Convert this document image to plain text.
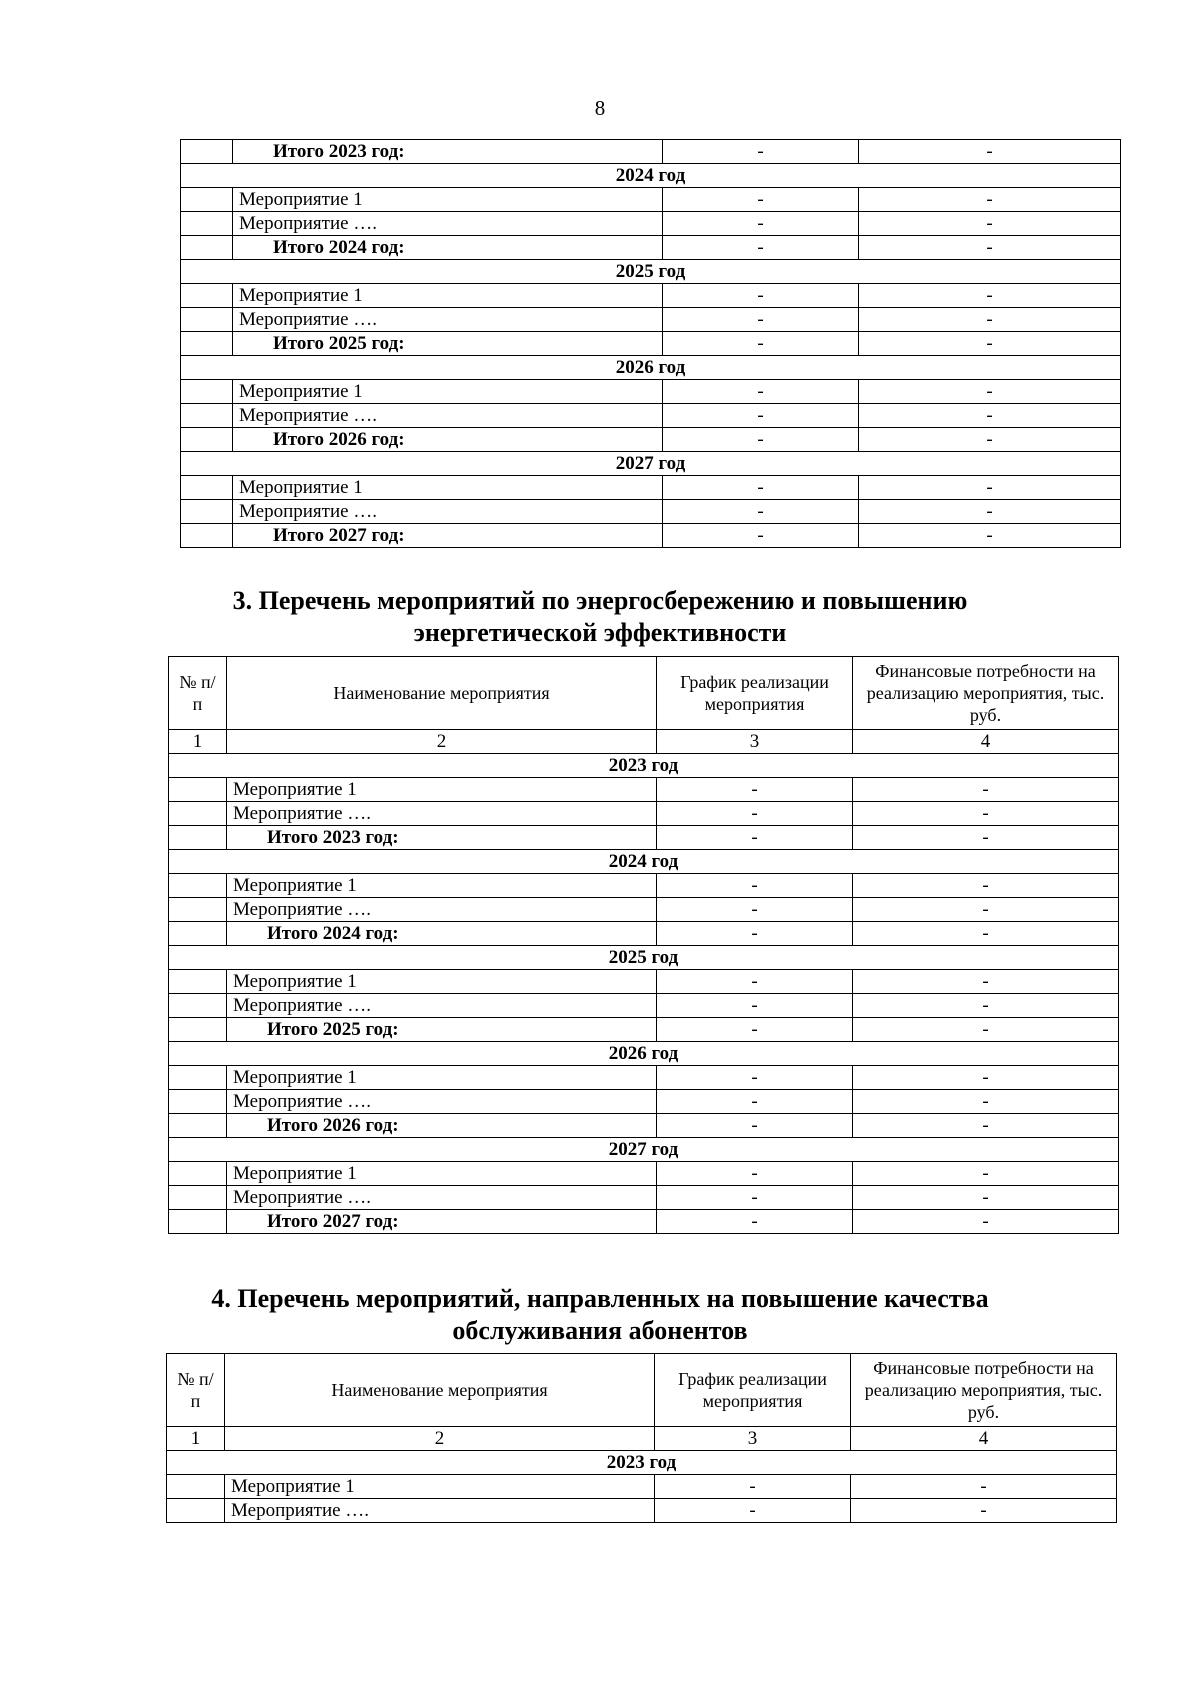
8
	Итого 2023 год:	-	-
2024 год			
	Мероприятие 1	-	-
	Мероприятие ….	-	-
	Итого 2024 год:	-	-
2025 год			
	Мероприятие 1	-	-
	Мероприятие ….	-	-
	Итого 2025 год:	-	-
2026 год			
	Мероприятие 1	-	-
	Мероприятие ….	-	-
	Итого 2026 год:	-	-
2027 год			
	Мероприятие 1	-	-
	Мероприятие ….	-	-
	Итого 2027 год:	-	-
3. Перечень мероприятий по энергосбережению и повышению
энергетической эффективности
№ п/п	Наименование мероприятия	График реализации мероприятия	Финансовые потребности на реализацию мероприятия, тыс. руб.
1	2	3	4
2023 год			
	Мероприятие 1	-	-
	Мероприятие ….	-	-
	Итого 2023 год:	-	-
2024 год			
	Мероприятие 1	-	-
	Мероприятие ….	-	-
	Итого 2024 год:	-	-
2025 год			
	Мероприятие 1	-	-
	Мероприятие ….	-	-
	Итого 2025 год:	-	-
2026 год			
	Мероприятие 1	-	-
	Мероприятие ….	-	-
	Итого 2026 год:	-	-
2027 год			
	Мероприятие 1	-	-
	Мероприятие ….	-	-
	Итого 2027 год:	-	-
4. Перечень мероприятий, направленных на повышение качества
обслуживания абонентов
№ п/п	Наименование мероприятия	График реализации мероприятия	Финансовые потребности на реализацию мероприятия, тыс. руб.
1	2	3	4
2023 год			
	Мероприятие 1	-	-
	Мероприятие ….	-	-
